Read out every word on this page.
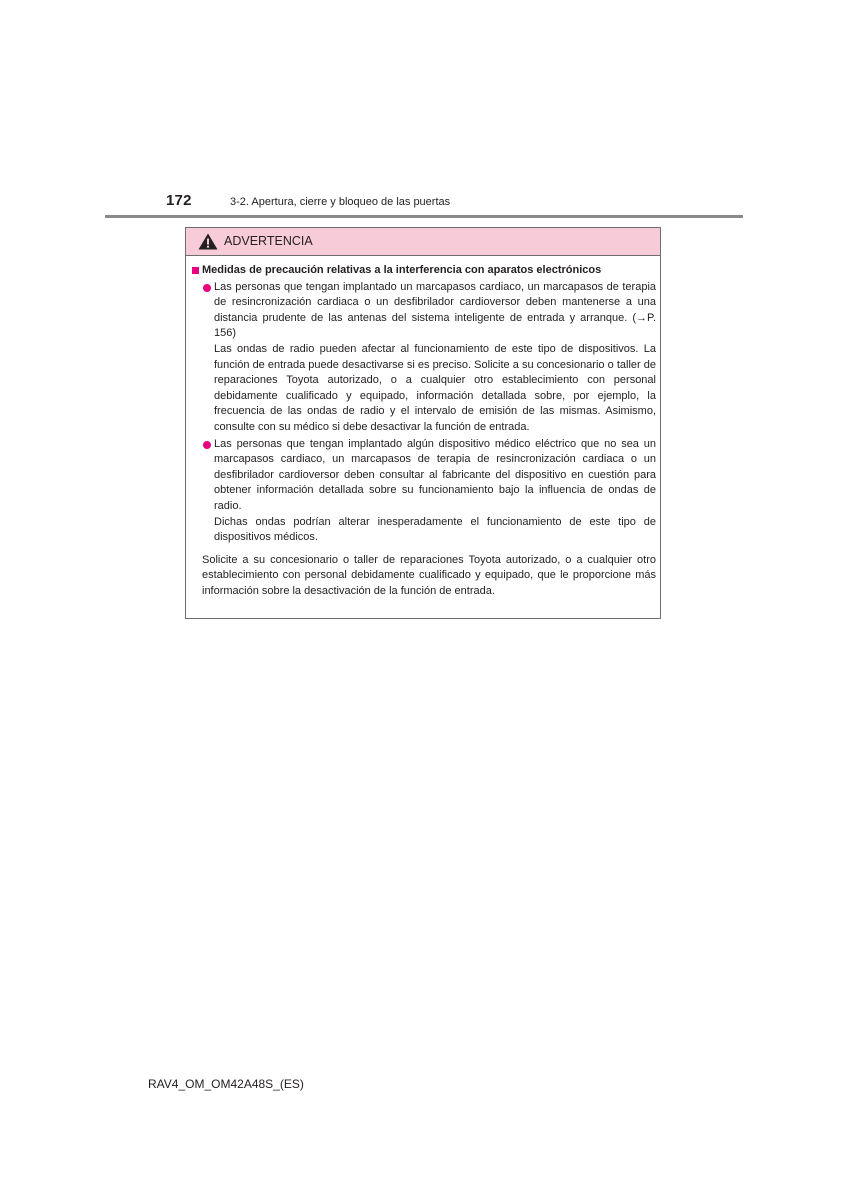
172	3-2. Apertura, cierre y bloqueo de las puertas
ADVERTENCIA
Medidas de precaución relativas a la interferencia con aparatos electrónicos

Las personas que tengan implantado un marcapasos cardiaco, un marcapasos de terapia de resincronización cardiaca o un desfibrilador cardioversor deben mantenerse a una distancia prudente de las antenas del sistema inteligente de entrada y arranque. (→P. 156)

Las ondas de radio pueden afectar al funcionamiento de este tipo de dispositivos. La función de entrada puede desactivarse si es preciso. Solicite a su concesionario o taller de reparaciones Toyota autorizado, o a cualquier otro establecimiento con personal debidamente cualificado y equipado, información detallada sobre, por ejemplo, la frecuencia de las ondas de radio y el intervalo de emisión de las mismas. Asimismo, consulte con su médico si debe desactivar la función de entrada.

Las personas que tengan implantado algún dispositivo médico eléctrico que no sea un marcapasos cardiaco, un marcapasos de terapia de resincronización cardiaca o un desfibrilador cardioversor deben consultar al fabricante del dispositivo en cuestión para obtener información detallada sobre su funcionamiento bajo la influencia de ondas de radio.

Dichas ondas podrían alterar inesperadamente el funcionamiento de este tipo de dispositivos médicos.

Solicite a su concesionario o taller de reparaciones Toyota autorizado, o a cualquier otro establecimiento con personal debidamente cualificado y equipado, que le proporcione más información sobre la desactivación de la función de entrada.

RAV4_OM_OM42A48S_(ES)
